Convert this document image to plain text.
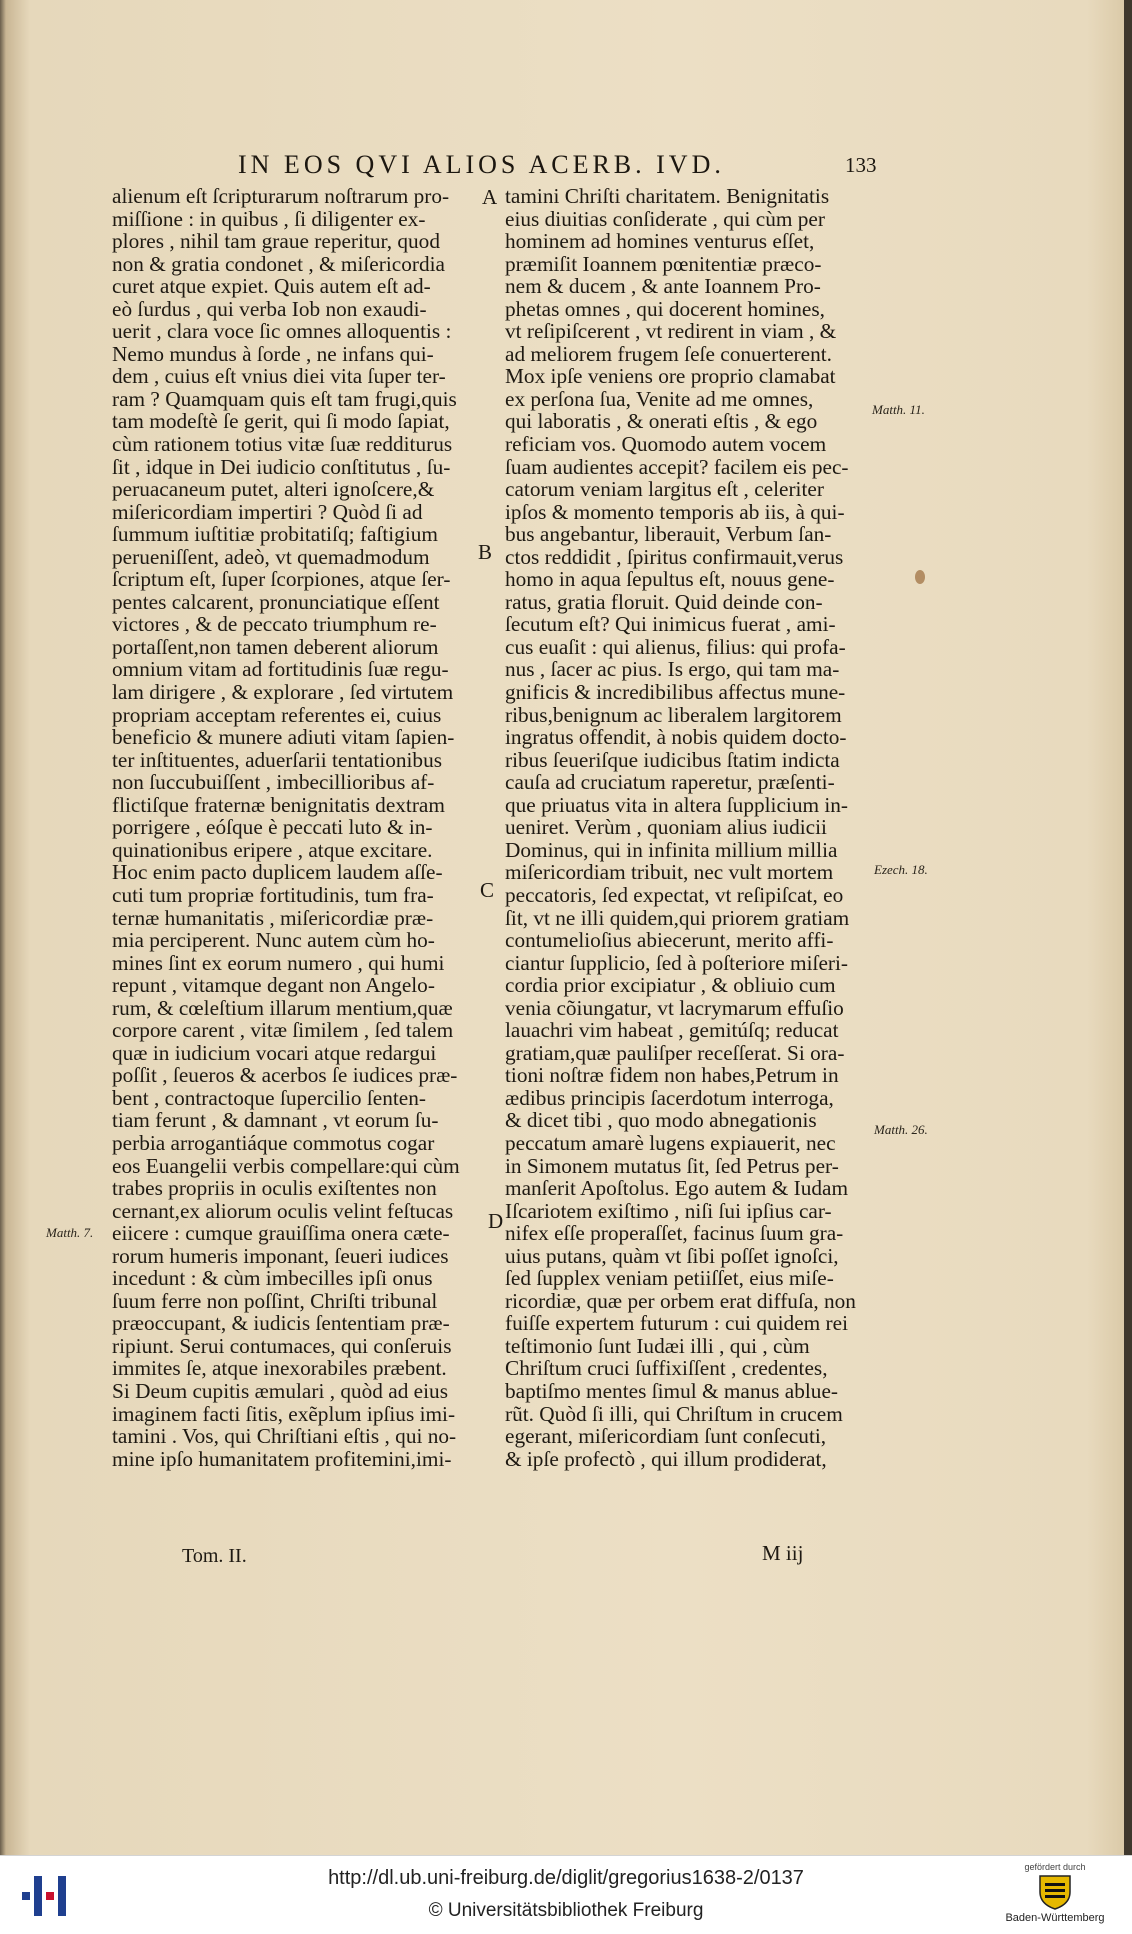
IN EOS QVI ALIOS ACERB. IVD.	133
alienum eſt ſcripturarum noſtrarum pro-
miſſione : in quibus , ſi diligenter ex-
plores , nihil tam graue reperitur, quod
non & gratia condonet , & miſericordia
curet atque expiet. Quis autem eſt ad-
eò ſurdus , qui verba Iob non exaudi-
uerit , clara voce ſic omnes alloquentis :
Nemo mundus à ſorde , ne infans qui-
dem , cuius eſt vnius diei vita ſuper ter-
ram ? Quamquam quis eſt tam frugi,quis
tam modeſtè ſe gerit, qui ſi modo ſapiat,
cùm rationem totius vitæ ſuæ redditurus
ſit , idque in Dei iudicio conſtitutus , ſu-
peruacaneum putet, alteri ignoſcere,&
miſericordiam impertiri ? Quòd ſi ad
ſummum iuſtitiæ probitatiſq; faſtigium
perueniſſent, adeò, vt quemadmodum
ſcriptum eſt, ſuper ſcorpiones, atque ſer-
pentes calcarent, pronunciatique eſſent
victores , & de peccato triumphum re-
portaſſent,non tamen deberent aliorum
omnium vitam ad fortitudinis ſuæ regu-
lam dirigere , & explorare , ſed virtutem
propriam acceptam referentes ei, cuius
beneficio & munere adiuti vitam ſapien-
ter inſtituentes, aduerſarii tentationibus
non ſuccubuiſſent , imbecillioribus af-
flictiſque fraternæ benignitatis dextram
porrigere , eóſque è peccati luto & in-
quinationibus eripere , atque excitare.
Hoc enim pacto duplicem laudem aſſe-
cuti tum propriæ fortitudinis, tum fra-
ternæ humanitatis , miſericordiæ præ-
mia perciperent. Nunc autem cùm ho-
mines ſint ex eorum numero , qui humi
repunt , vitamque degant non Angelo-
rum, & cœleſtium illarum mentium,quæ
corpore carent , vitæ ſimilem , ſed talem
quæ in iudicium vocari atque redargui
poſſit , ſeueros & acerbos ſe iudices præ-
bent , contractoque ſupercilio ſenten-
tiam ferunt , & damnant , vt eorum ſu-
perbia arrogantiáque commotus cogar
eos Euangelii verbis compellare:qui cùm
trabes propriis in oculis exiſtentes non
cernant,ex aliorum oculis velint feſtucas
eiicere : cumque grauiſſima onera cæte-
rorum humeris imponant, ſeueri iudices
incedunt : & cùm imbecilles ipſi onus
ſuum ferre non poſſint, Chriſti tribunal
præoccupant, & iudicis ſententiam præ-
ripiunt. Serui contumaces, qui conſeruis
immites ſe, atque inexorabiles præbent.
Si Deum cupitis æmulari , quòd ad eius
imaginem facti ſitis, exẽplum ipſius imi-
tamini . Vos, qui Chriſtiani eſtis , qui no-
mine ipſo humanitatem profitemini,imi-
tamini Chriſti charitatem. Benignitatis
eius diuitias conſiderate , qui cùm per
hominem ad homines venturus eſſet,
præmiſit Ioannem pœnitentiæ præco-
nem & ducem , & ante Ioannem Pro-
phetas omnes , qui docerent homines,
vt reſipiſcerent , vt redirent in viam , &
ad meliorem frugem ſeſe conuerterent.
Mox ipſe veniens ore proprio clamabat
ex perſona ſua, Venite ad me omnes,
qui laboratis , & onerati eſtis , & ego
reficiam vos. Quomodo autem vocem
ſuam audientes accepit? facilem eis pec-
catorum veniam largitus eſt , celeriter
ipſos & momento temporis ab iis, à qui-
bus angebantur, liberauit, Verbum ſan-
ctos reddidit , ſpiritus confirmauit,verus
homo in aqua ſepultus eſt, nouus gene-
ratus, gratia floruit. Quid deinde con-
ſecutum eſt? Qui inimicus fuerat , ami-
cus euaſit : qui alienus, filius: qui profa-
nus , ſacer ac pius. Is ergo, qui tam ma-
gnificis & incredibilibus affectus mune-
ribus,benignum ac liberalem largitorem
ingratus offendit, à nobis quidem docto-
ribus ſeueriſque iudicibus ſtatim indicta
cauſa ad cruciatum raperetur, præſenti-
que priuatus vita in altera ſupplicium in-
ueniret. Verùm , quoniam alius iudicii
Dominus, qui in infinita millium millia
miſericordiam tribuit, nec vult mortem
peccatoris, ſed expectat, vt reſipiſcat, eo
ſit, vt ne illi quidem,qui priorem gratiam
contumelioſius abiecerunt, merito affi-
ciantur ſupplicio, ſed à poſteriore miſeri-
cordia prior excipiatur , & obliuio cum
venia cõiungatur, vt lacrymarum effuſio
lauachri vim habeat , gemitúſq; reducat
gratiam,quæ pauliſper receſſerat. Si ora-
tioni noſtræ fidem non habes,Petrum in
ædibus principis ſacerdotum interroga,
& dicet tibi , quo modo abnegationis
peccatum amarè lugens expiauerit, nec
in Simonem mutatus ſit, ſed Petrus per-
manſerit Apoſtolus. Ego autem & Iudam
Iſcariotem exiſtimo , niſi ſui ipſius car-
nifex eſſe properaſſet, facinus ſuum gra-
uius putans, quàm vt ſibi poſſet ignoſci,
ſed ſupplex veniam petiiſſet, eius miſe-
ricordiæ, quæ per orbem erat diffuſa, non
fuiſſe expertem futurum : cui quidem rei
teſtimonio ſunt Iudæi illi , qui , cùm
Chriſtum cruci ſuffixiſſent , credentes,
baptiſmo mentes ſimul & manus ablue-
rũt. Quòd ſi illi, qui Chriſtum in crucem
egerant, miſericordiam ſunt conſecuti,
& ipſe profectò , qui illum prodiderat,
A
B
C
D
Matth. 11.
Ezech. 18.
Matth. 26.
Matth. 7.
Tom. II.	M iij
http://dl.ub.uni-freiburg.de/diglit/gregorius1638-2/0137
© Universitätsbibliothek Freiburg
gefördert durch
Baden-Württemberg
